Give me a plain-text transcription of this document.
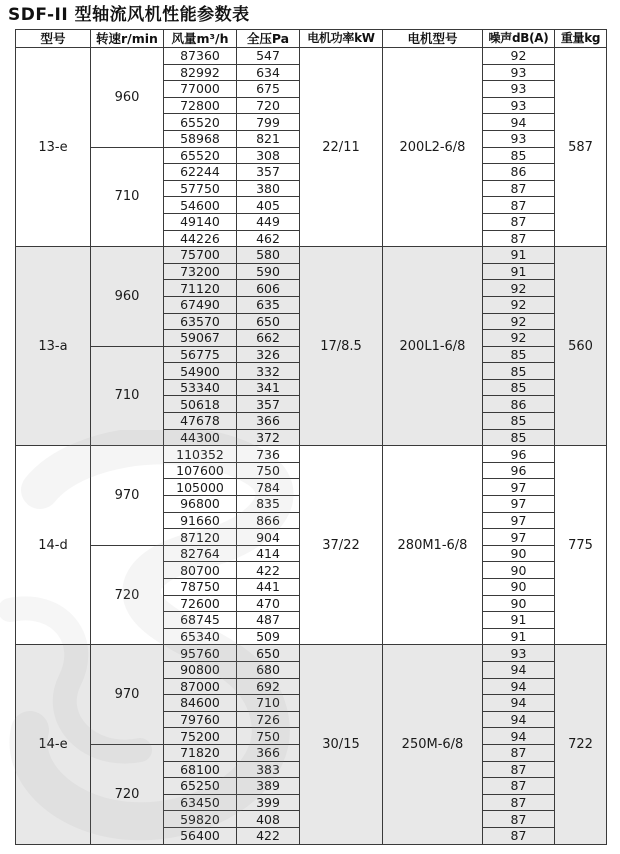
SDF-II 型轴流风机性能参数表
型号	转速r/min	风量m³/h	全压Pa	电机功率kW	电机型号	噪声dB(A)	重量kg
13-e	960	87360	547	22/11	200L2-6/8	92	587
		82992	634			93	
		77000	675			93	
		72800	720			93	
		65520	799			94	
		58968	821			93	
	710	65520	308			85	
		62244	357			86	
		57750	380			87	
		54600	405			87	
		49140	449			87	
		44226	462			87	
13-a	960	75700	580	17/8.5	200L1-6/8	91	560
		73200	590			91	
		71120	606			92	
		67490	635			92	
		63570	650			92	
		59067	662			92	
	710	56775	326			85	
		54900	332			85	
		53340	341			85	
		50618	357			86	
		47678	366			85	
		44300	372			85	
14-d	970	110352	736	37/22	280M1-6/8	96	775
		107600	750			96	
		105000	784			97	
		96800	835			97	
		91660	866			97	
		87120	904			97	
	720	82764	414			90	
		80700	422			90	
		78750	441			90	
		72600	470			90	
		68745	487			91	
		65340	509			91	
14-e	970	95760	650	30/15	250M-6/8	93	722
		90800	680			94	
		87000	692			94	
		84600	710			94	
		79760	726			94	
		75200	750			94	
	720	71820	366			87	
		68100	383			87	
		65250	389			87	
		63450	399			87	
		59820	408			87	
		56400	422			87	
